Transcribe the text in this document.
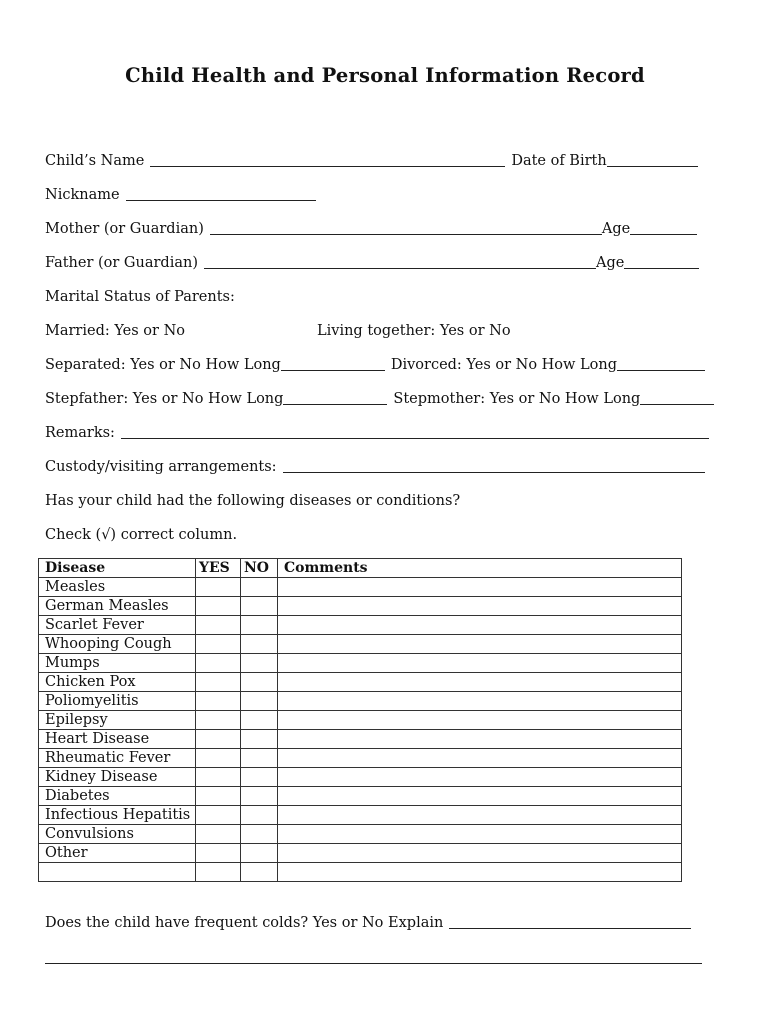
Child Health and Personal Information Record
Child’s Name	Date of Birth
Nickname
Mother (or Guardian)	Age
Father (or Guardian)	Age
Marital Status of Parents:
Married: Yes or No	Living together: Yes or No
Separated: Yes or No How Long	Divorced: Yes or No How Long
Stepfather: Yes or No How Long	Stepmother: Yes or No How Long
Remarks:
Custody/visiting arrangements:
Has your child had the following diseases or conditions?
Check (√) correct column.
Disease	YES	NO	Comments
Measles			
German Measles			
Scarlet Fever			
Whooping Cough			
Mumps			
Chicken Pox			
Poliomyelitis			
Epilepsy			
Heart Disease			
Rheumatic Fever			
Kidney Disease			
Diabetes			
Infectious Hepatitis			
Convulsions			
Other			

Does the child have frequent colds? Yes or No Explain
